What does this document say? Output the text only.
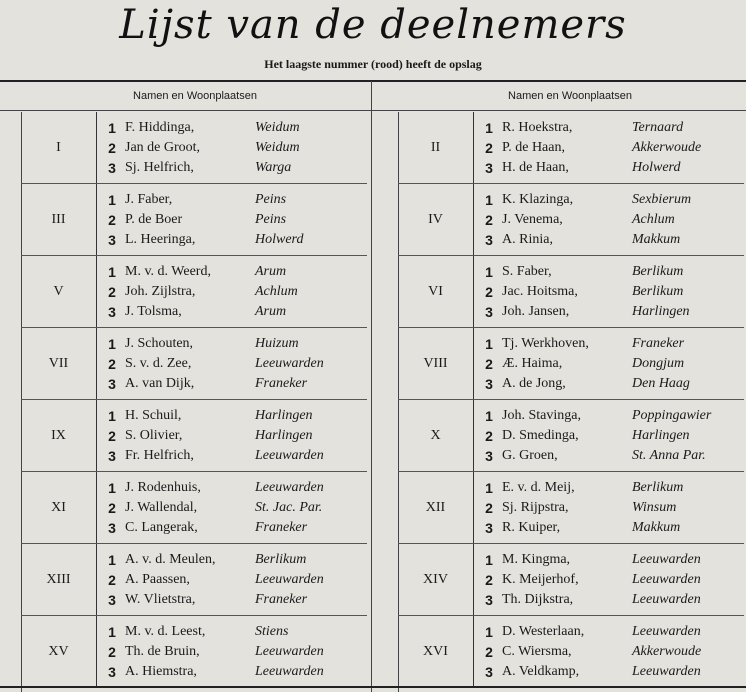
Lijst van de deelnemers
Het laagste nummer (rood) heeft de opslag
Namen en Woonplaatsen	Namen en Woonplaatsen
I
1 F. Hiddinga,	Weidum
2 Jan de Groot,	Weidum
3 Sj. Helfrich,	Warga
III
1 J. Faber,	Peins
2 P. de Boer	Peins
3 L. Heeringa,	Holwerd
V
1 M. v. d. Weerd,	Arum
2 Joh. Zijlstra,	Achlum
3 J. Tolsma,	Arum
VII
1 J. Schouten,	Huizum
2 S. v. d. Zee,	Leeuwarden
3 A. van Dijk,	Franeker
IX
1 H. Schuil,	Harlingen
2 S. Olivier,	Harlingen
3 Fr. Helfrich,	Leeuwarden
XI
1 J. Rodenhuis,	Leeuwarden
2 J. Wallendal,	St. Jac. Par.
3 C. Langerak,	Franeker
XIII
1 A. v. d. Meulen,	Berlikum
2 A. Paassen,	Leeuwarden
3 W. Vlietstra,	Franeker
XV
1 M. v. d. Leest,	Stiens
2 Th. de Bruin,	Leeuwarden
3 A. Hiemstra,	Leeuwarden
II
1 R. Hoekstra,	Ternaard
2 P. de Haan,	Akkerwoude
3 H. de Haan,	Holwerd
IV
1 K. Klazinga,	Sexbierum
2 J. Venema,	Achlum
3 A. Rinia,	Makkum
VI
1 S. Faber,	Berlikum
2 Jac. Hoitsma,	Berlikum
3 Joh. Jansen,	Harlingen
VIII
1 Tj. Werkhoven,	Franeker
2 Æ. Haima,	Dongjum
3 A. de Jong,	Den Haag
X
1 Joh. Stavinga,	Poppingawier
2 D. Smedinga,	Harlingen
3 G. Groen,	St. Anna Par.
XII
1 E. v. d. Meij,	Berlikum
2 Sj. Rijpstra,	Winsum
3 R. Kuiper,	Makkum
XIV
1 M. Kingma,	Leeuwarden
2 K. Meijerhof,	Leeuwarden
3 Th. Dijkstra,	Leeuwarden
XVI
1 D. Westerlaan,	Leeuwarden
2 C. Wiersma,	Akkerwoude
3 A. Veldkamp,	Leeuwarden
